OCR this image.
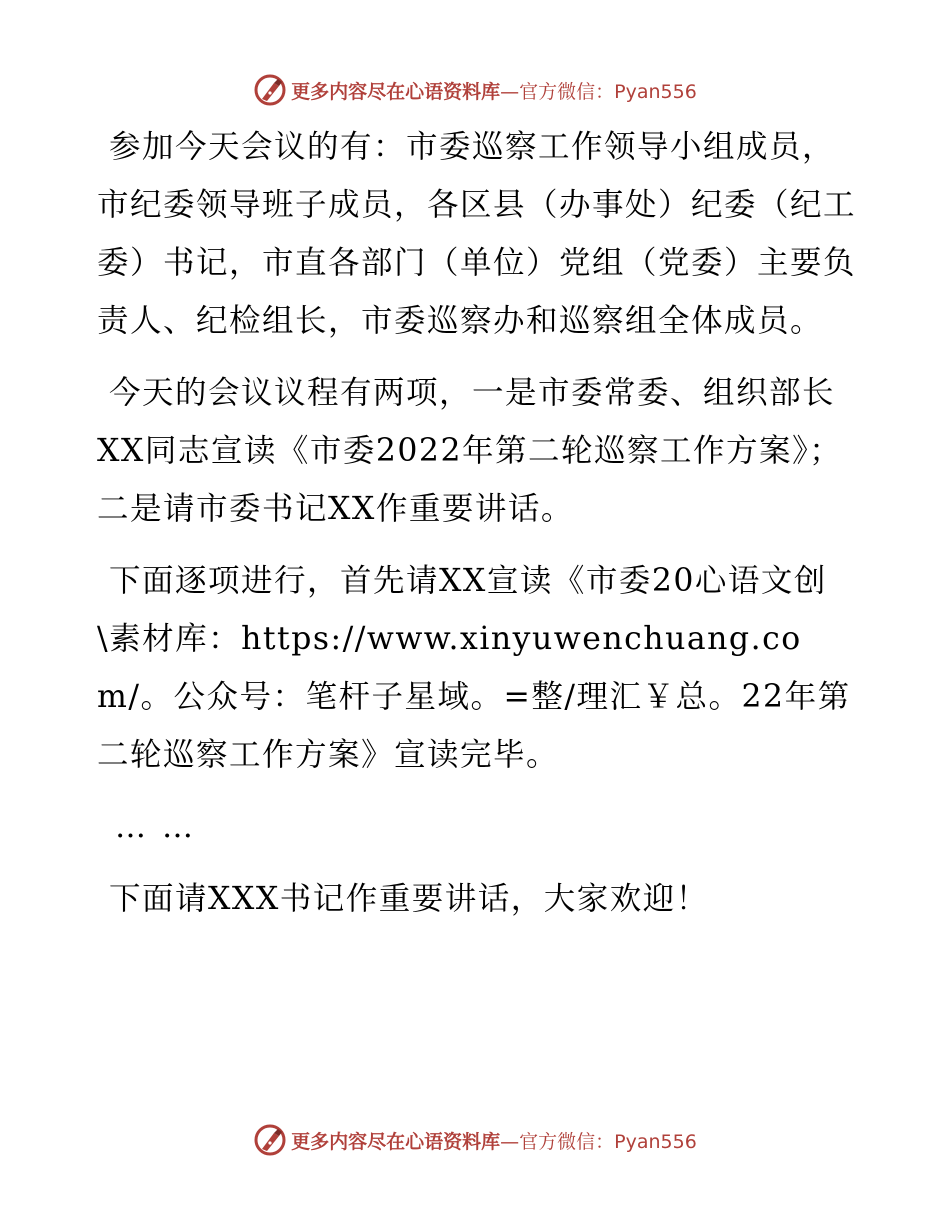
更多内容尽在心语资料库 —官方微信：Pyan556

参加今天会议的有：市委巡察工作领导小组成员，市纪委领导班子成员，各区县（办事处）纪委（纪工委）书记，市直各部门（单位）党组（党委）主要负责人、纪检组长，市委巡察办和巡察组全体成员。

今天的会议议程有两项，一是市委常委、组织部长XX同志宣读《市委2022年第二轮巡察工作方案》；二是请市委书记XX作重要讲话。

下面逐项进行，首先请XX宣读《市委20心语文创\素材库：https://www.xinyuwenchuang.com/。公众号：笔杆子星域。=整/理汇￥总。22年第二轮巡察工作方案》宣读完毕。

……

下面请XXX书记作重要讲话，大家欢迎！

更多内容尽在心语资料库 —官方微信：Pyan556
